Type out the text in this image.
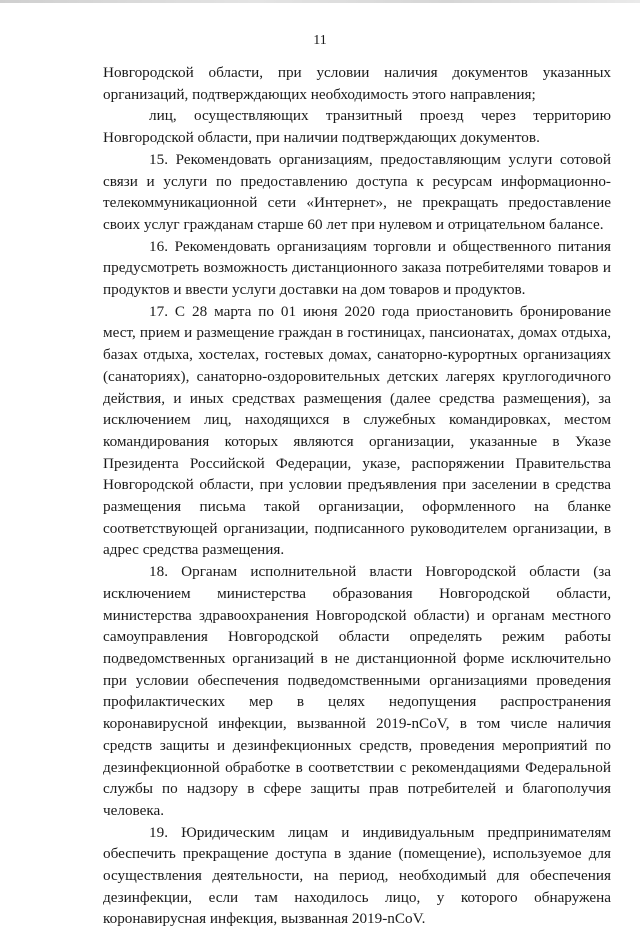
11

Новгородской области, при условии наличия документов указанных организаций, подтверждающих необходимость этого направления;

лиц, осуществляющих транзитный проезд через территорию Новгородской области, при наличии подтверждающих документов.

15. Рекомендовать организациям, предоставляющим услуги сотовой связи и услуги по предоставлению доступа к ресурсам информационно-телекоммуникационной сети «Интернет», не прекращать предоставление своих услуг гражданам старше 60 лет при нулевом и отрицательном балансе.

16. Рекомендовать организациям торговли и общественного питания предусмотреть возможность дистанционного заказа потребителями товаров и продуктов и ввести услуги доставки на дом товаров и продуктов.

17. С 28 марта по 01 июня 2020 года приостановить бронирование мест, прием и размещение граждан в гостиницах, пансионатах, домах отдыха, базах отдыха, хостелах, гостевых домах, санаторно-курортных организациях (санаториях), санаторно-оздоровительных детских лагерях круглогодичного действия, и иных средствах размещения (далее средства размещения), за исключением лиц, находящихся в служебных командировках, местом командирования которых являются организации, указанные в Указе Президента Российской Федерации, указе, распоряжении Правительства Новгородской области, при условии предъявления при заселении в средства размещения письма такой организации, оформленного на бланке соответствующей организации, подписанного руководителем организации, в адрес средства размещения.

18. Органам исполнительной власти Новгородской области (за исключением министерства образования Новгородской области, министерства здравоохранения Новгородской области) и органам местного самоуправления Новгородской области определять режим работы подведомственных организаций в не дистанционной форме исключительно при условии обеспечения подведомственными организациями проведения профилактических мер в целях недопущения распространения коронавирусной инфекции, вызванной 2019-nCoV, в том числе наличия средств защиты и дезинфекционных средств, проведения мероприятий по дезинфекционной обработке в соответствии с рекомендациями Федеральной службы по надзору в сфере защиты прав потребителей и благополучия человека.

19. Юридическим лицам и индивидуальным предпринимателям обеспечить прекращение доступа в здание (помещение), используемое для осуществления деятельности, на период, необходимый для обеспечения дезинфекции, если там находилось лицо, у которого обнаружена коронавирусная инфекция, вызванная 2019-nCoV.
